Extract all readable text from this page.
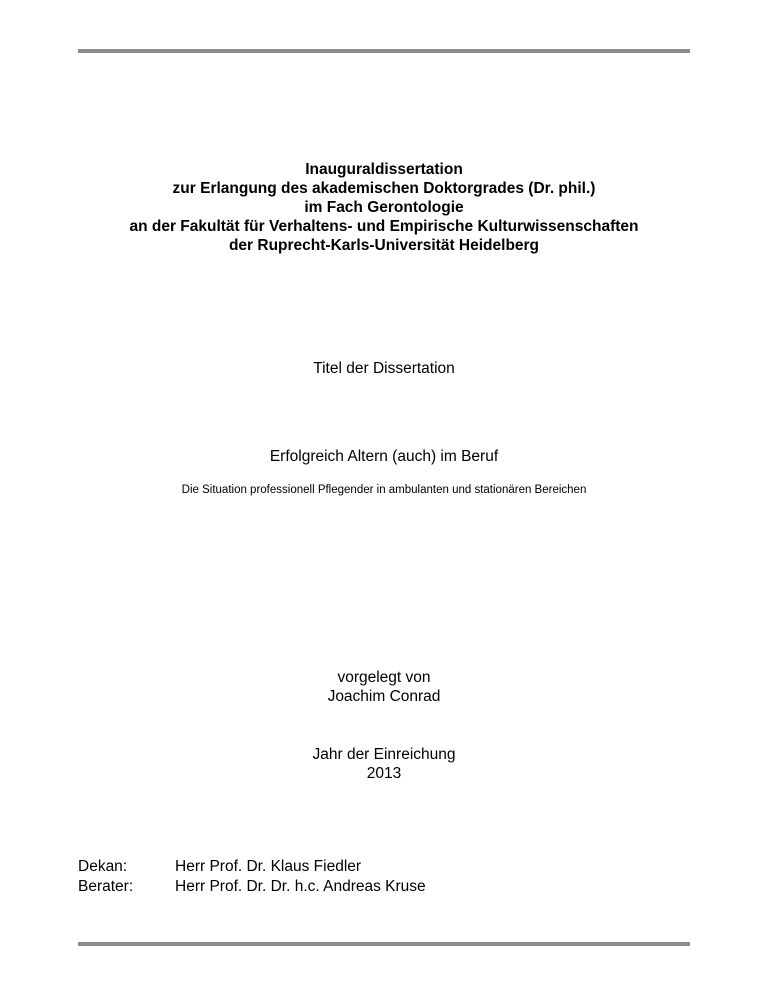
Inauguraldissertation
zur Erlangung des akademischen Doktorgrades (Dr. phil.)
im Fach Gerontologie
an der Fakultät für Verhaltens- und Empirische Kulturwissenschaften
der Ruprecht-Karls-Universität Heidelberg
Titel der Dissertation
Erfolgreich Altern (auch) im Beruf
Die Situation professionell Pflegender in ambulanten und stationären Bereichen
vorgelegt von
Joachim Conrad
Jahr der Einreichung
2013
Dekan:	Herr Prof. Dr. Klaus Fiedler
Berater:	Herr Prof. Dr. Dr. h.c. Andreas Kruse
